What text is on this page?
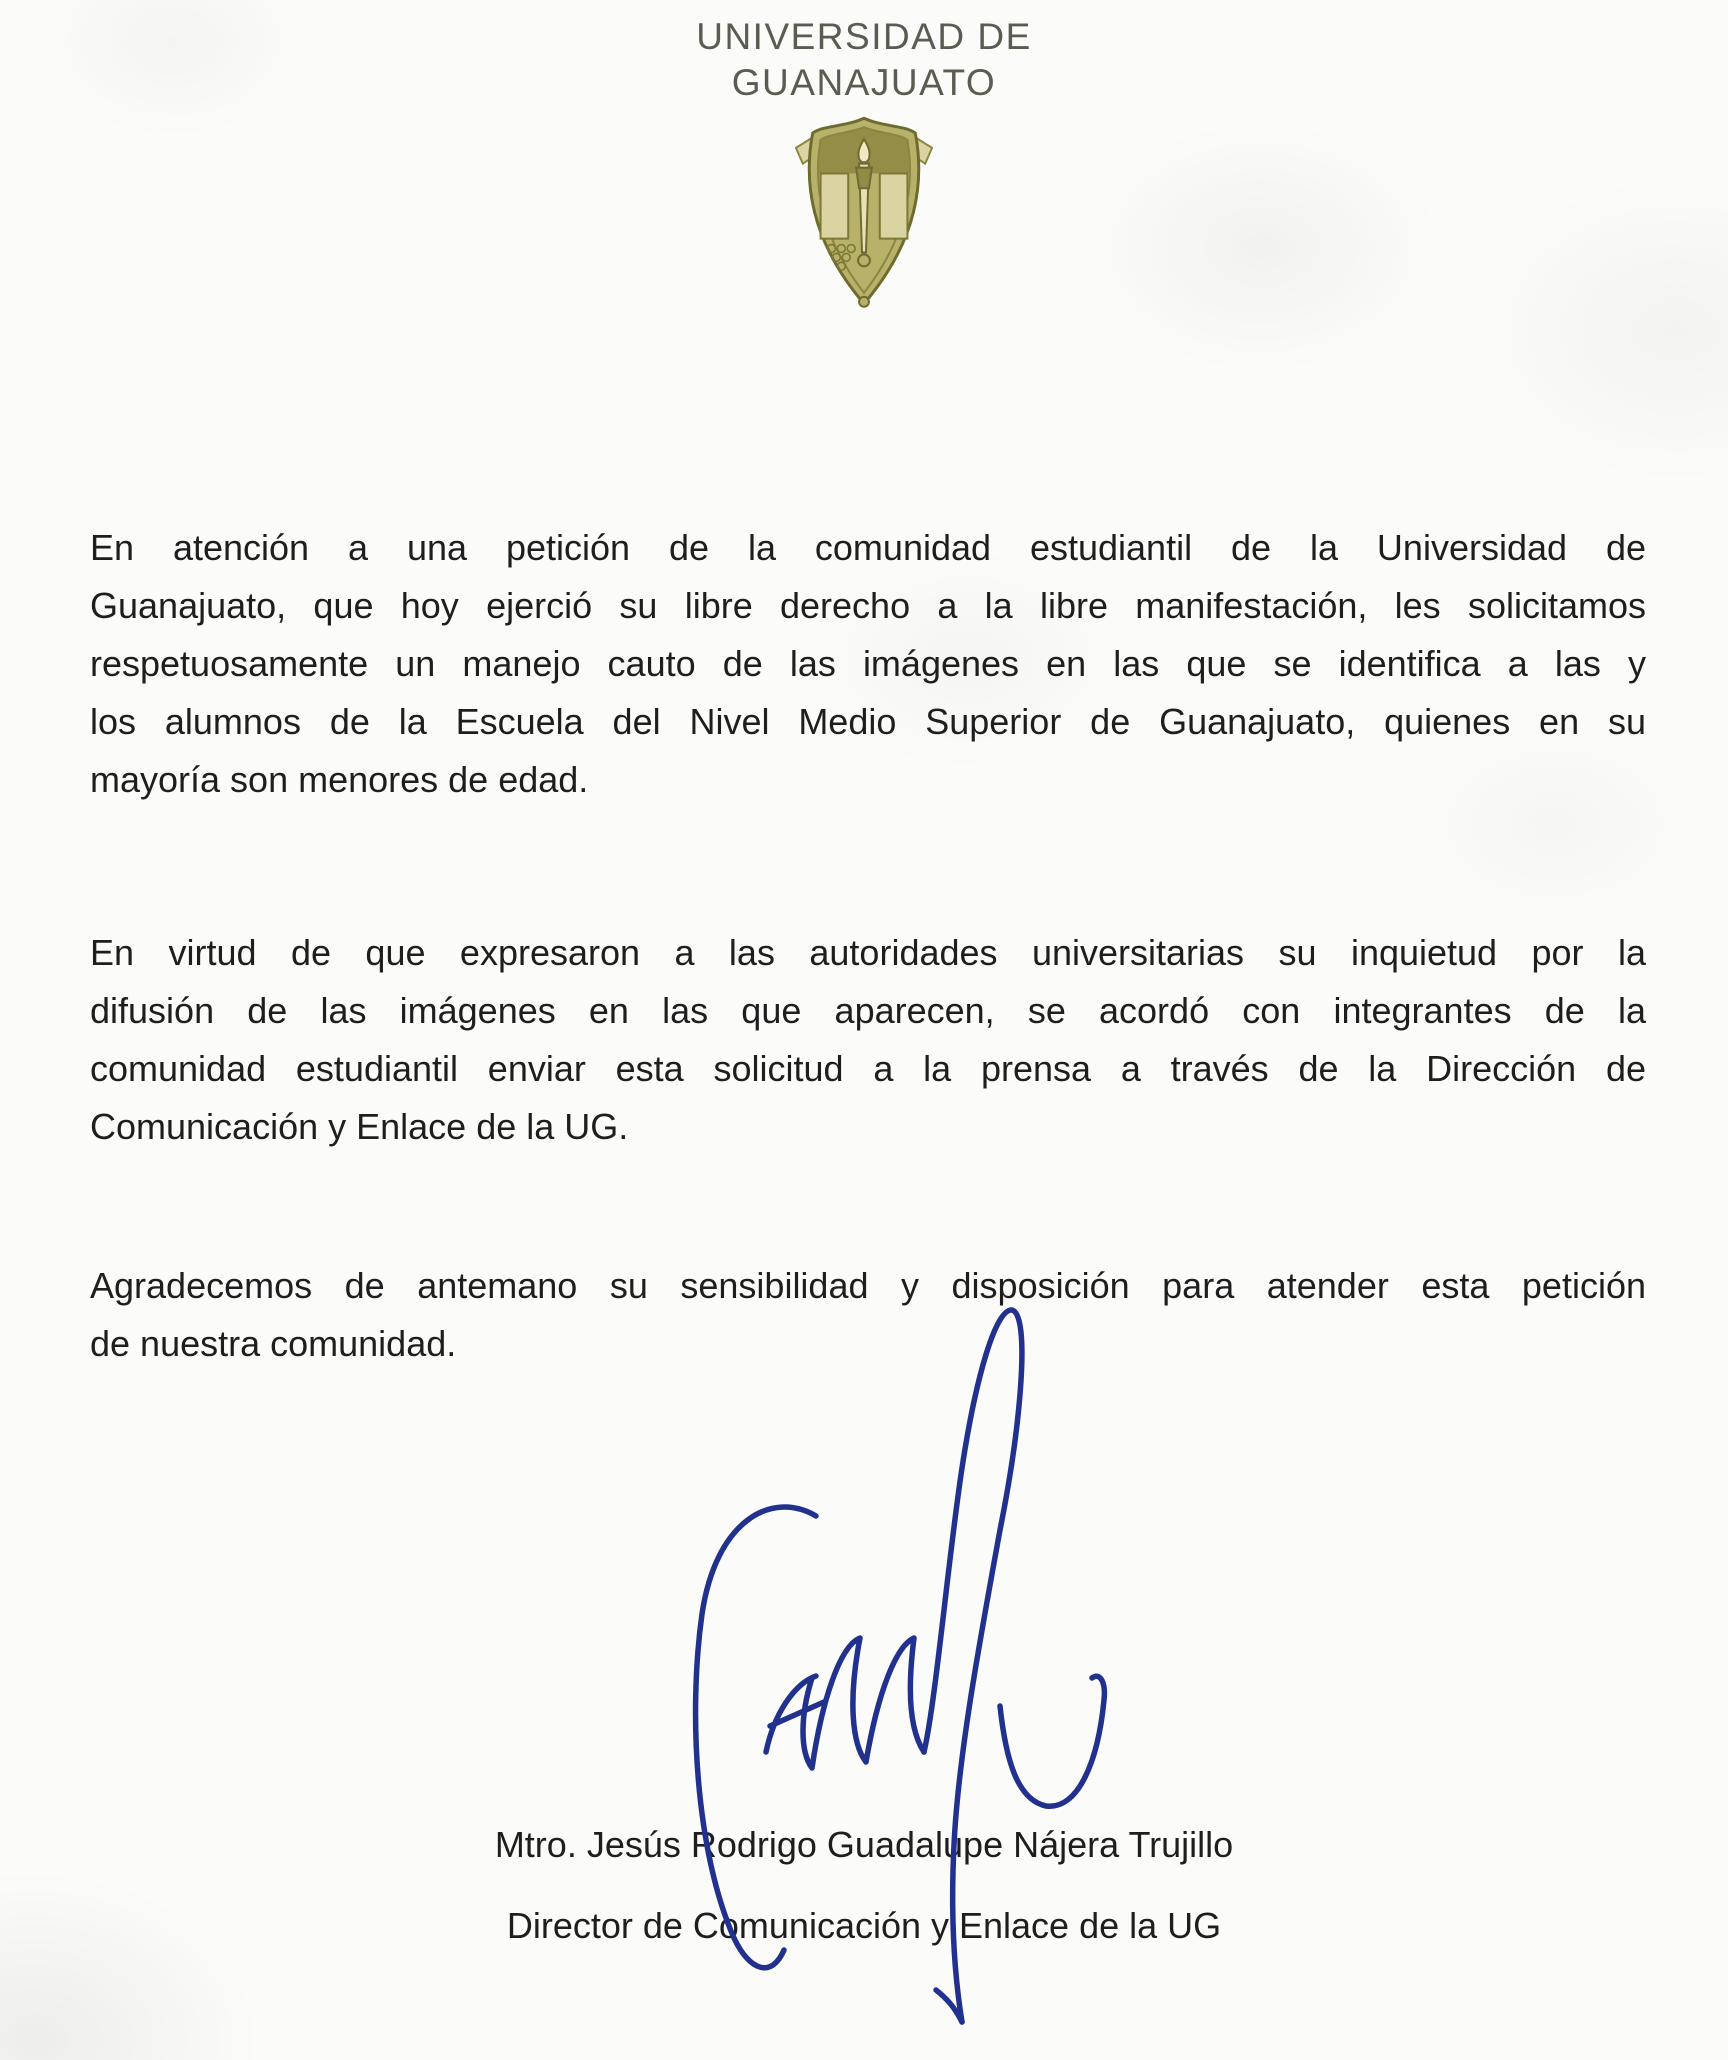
UNIVERSIDAD DE
GUANAJUATO
En atención a una petición de la comunidad estudiantil de la Universidad de
Guanajuato, que hoy ejerció su libre derecho a la libre manifestación, les solicitamos
respetuosamente un manejo cauto de las imágenes en las que se identifica a las y
los alumnos de la Escuela del Nivel Medio Superior de Guanajuato, quienes en su
mayoría son menores de edad.
En virtud de que expresaron a las autoridades universitarias su inquietud por la
difusión de las imágenes en las que aparecen, se acordó con integrantes de la
comunidad estudiantil enviar esta solicitud a la prensa a través de la Dirección de
Comunicación y Enlace de la UG.
Agradecemos de antemano su sensibilidad y disposición para atender esta petición
de nuestra comunidad.
Mtro. Jesús Rodrigo Guadalupe Nájera Trujillo
Director de Comunicación y Enlace de la UG
